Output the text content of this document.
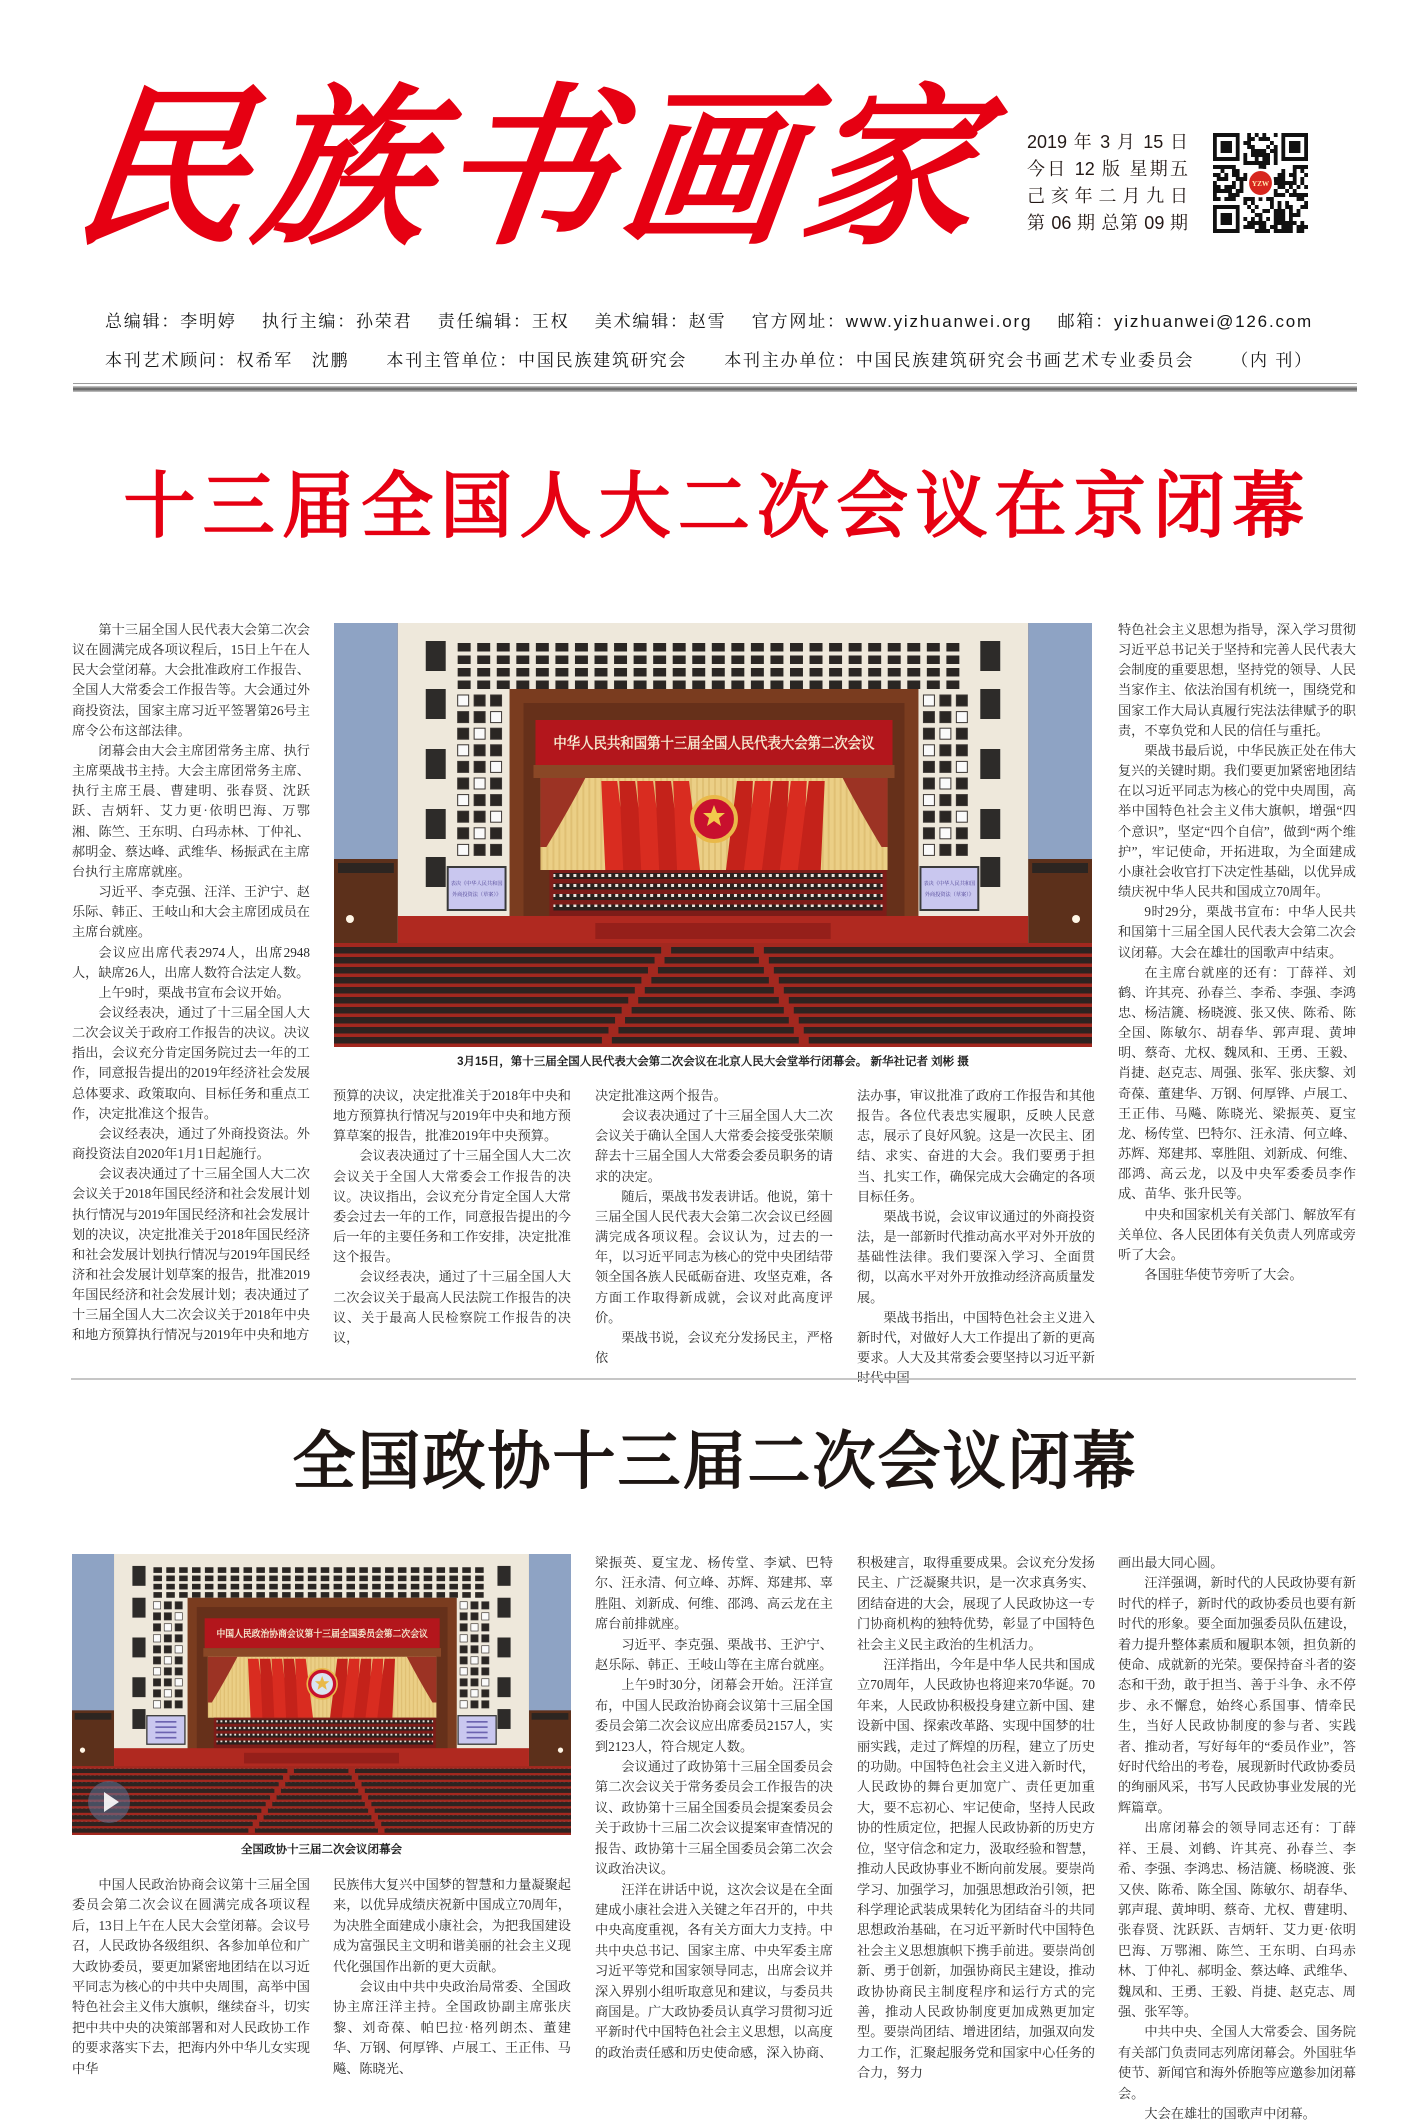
民族书画家 2019 年 3 月 15 日
今日 12 版 星期五
己亥年二月九日
第 06 期 总第 09 期
YZW
总编辑：李明婷 执行主编：孙荣君 责任编辑：王权 美术编辑：赵雪 官方网址：www.yizhuanwei.org 邮箱：yizhuanwei@126.com
本刊艺术顾问：权希军　沈鹏 本刊主管单位：中国民族建筑研究会 本刊主办单位：中国民族建筑研究会书画艺术专业委员会 （内 刊）
十三届全国人大二次会议在京闭幕

第十三届全国人民代表大会第二次会议在圆满完成各项议程后，15日上午在人民大会堂闭幕。大会批准政府工作报告、全国人大常委会工作报告等。大会通过外商投资法，国家主席习近平签署第26号主席令公布这部法律。

闭幕会由大会主席团常务主席、执行主席栗战书主持。大会主席团常务主席、执行主席王晨、曹建明、张春贤、沈跃跃、吉炳轩、艾力更·依明巴海、万鄂湘、陈竺、王东明、白玛赤林、丁仲礼、郝明金、蔡达峰、武维华、杨振武在主席台执行主席席就座。

习近平、李克强、汪洋、王沪宁、赵乐际、韩正、王岐山和大会主席团成员在主席台就座。

会议应出席代表2974人，出席2948人，缺席26人，出席人数符合法定人数。

上午9时，栗战书宣布会议开始。

会议经表决，通过了十三届全国人大二次会议关于政府工作报告的决议。决议指出，会议充分肯定国务院过去一年的工作，同意报告提出的2019年经济社会发展总体要求、政策取向、目标任务和重点工作，决定批准这个报告。

会议经表决，通过了外商投资法。外商投资法自2020年1月1日起施行。

会议表决通过了十三届全国人大二次会议关于2018年国民经济和社会发展计划执行情况与2019年国民经济和社会发展计划的决议，决定批准关于2018年国民经济和社会发展计划执行情况与2019年国民经济和社会发展计划草案的报告，批准2019年国民经济和社会发展计划；表决通过了十三届全国人大二次会议关于2018年中央和地方预算执行情况与2019年中央和地方

中华人民共和国第十三届全国人民代表大会第二次会议
表决《中华人民共和国
外商投资法（草案）》
表决《中华人民共和国
外商投资法（草案）》
3月15日，第十三届全国人民代表大会第二次会议在北京人民大会堂举行闭幕会。 新华社记者 刘彬 摄

预算的决议，决定批准关于2018年中央和地方预算执行情况与2019年中央和地方预算草案的报告，批准2019年中央预算。

会议表决通过了十三届全国人大二次会议关于全国人大常委会工作报告的决议。决议指出，会议充分肯定全国人大常委会过去一年的工作，同意报告提出的今后一年的主要任务和工作安排，决定批准这个报告。

会议经表决，通过了十三届全国人大二次会议关于最高人民法院工作报告的决议、关于最高人民检察院工作报告的决议，

决定批准这两个报告。

会议表决通过了十三届全国人大二次会议关于确认全国人大常委会接受张荣顺辞去十三届全国人大常委会委员职务的请求的决定。

随后，栗战书发表讲话。他说，第十三届全国人民代表大会第二次会议已经圆满完成各项议程。会议认为，过去的一年，以习近平同志为核心的党中央团结带领全国各族人民砥砺奋进、攻坚克难，各方面工作取得新成就，会议对此高度评价。

栗战书说，会议充分发扬民主，严格依

法办事，审议批准了政府工作报告和其他报告。各位代表忠实履职，反映人民意志，展示了良好风貌。这是一次民主、团结、求实、奋进的大会。我们要勇于担当、扎实工作，确保完成大会确定的各项目标任务。

栗战书说，会议审议通过的外商投资法，是一部新时代推动高水平对外开放的基础性法律。我们要深入学习、全面贯彻，以高水平对外开放推动经济高质量发展。

栗战书指出，中国特色社会主义进入新时代，对做好人大工作提出了新的更高要求。人大及其常委会要坚持以习近平新时代中国

特色社会主义思想为指导，深入学习贯彻习近平总书记关于坚持和完善人民代表大会制度的重要思想，坚持党的领导、人民当家作主、依法治国有机统一，围绕党和国家工作大局认真履行宪法法律赋予的职责，不辜负党和人民的信任与重托。

栗战书最后说，中华民族正处在伟大复兴的关键时期。我们要更加紧密地团结在以习近平同志为核心的党中央周围，高举中国特色社会主义伟大旗帜，增强“四个意识”，坚定“四个自信”，做到“两个维护”，牢记使命，开拓进取，为全面建成小康社会收官打下决定性基础，以优异成绩庆祝中华人民共和国成立70周年。

9时29分，栗战书宣布：中华人民共和国第十三届全国人民代表大会第二次会议闭幕。大会在雄壮的国歌声中结束。

在主席台就座的还有：丁薛祥、刘鹤、许其亮、孙春兰、李希、李强、李鸿忠、杨洁篪、杨晓渡、张又侠、陈希、陈全国、陈敏尔、胡春华、郭声琨、黄坤明、蔡奇、尤权、魏凤和、王勇、王毅、肖捷、赵克志、周强、张军、张庆黎、刘奇葆、董建华、万钢、何厚铧、卢展工、王正伟、马飚、陈晓光、梁振英、夏宝龙、杨传堂、巴特尔、汪永清、何立峰、苏辉、郑建邦、辜胜阻、刘新成、何维、邵鸿、高云龙，以及中央军委委员李作成、苗华、张升民等。

中央和国家机关有关部门、解放军有关单位、各人民团体有关负责人列席或旁听了大会。

各国驻华使节旁听了大会。

全国政协十三届二次会议闭幕
中国人民政治协商会议第十三届全国委员会第二次会议
全国政协十三届二次会议闭幕会

中国人民政治协商会议第十三届全国委员会第二次会议在圆满完成各项议程后，13日上午在人民大会堂闭幕。会议号召，人民政协各级组织、各参加单位和广大政协委员，要更加紧密地团结在以习近平同志为核心的中共中央周围，高举中国特色社会主义伟大旗帜，继续奋斗，切实把中共中央的决策部署和对人民政协工作的要求落实下去，把海内外中华儿女实现中华

民族伟大复兴中国梦的智慧和力量凝聚起来，以优异成绩庆祝新中国成立70周年，为决胜全面建成小康社会，为把我国建设成为富强民主文明和谐美丽的社会主义现代化强国作出新的更大贡献。

会议由中共中央政治局常委、全国政协主席汪洋主持。全国政协副主席张庆黎、刘奇葆、帕巴拉·格列朗杰、董建华、万钢、何厚铧、卢展工、王正伟、马飚、陈晓光、

梁振英、夏宝龙、杨传堂、李斌、巴特尔、汪永清、何立峰、苏辉、郑建邦、辜胜阻、刘新成、何维、邵鸿、高云龙在主席台前排就座。

习近平、李克强、栗战书、王沪宁、赵乐际、韩正、王岐山等在主席台就座。

上午9时30分，闭幕会开始。汪洋宣布，中国人民政治协商会议第十三届全国委员会第二次会议应出席委员2157人，实到2123人，符合规定人数。

会议通过了政协第十三届全国委员会第二次会议关于常务委员会工作报告的决议、政协第十三届全国委员会提案委员会关于政协十三届二次会议提案审查情况的报告、政协第十三届全国委员会第二次会议政治决议。

汪洋在讲话中说，这次会议是在全面建成小康社会进入关键之年召开的，中共中央高度重视，各有关方面大力支持。中共中央总书记、国家主席、中央军委主席习近平等党和国家领导同志，出席会议并深入界别小组听取意见和建议，与委员共商国是。广大政协委员认真学习贯彻习近平新时代中国特色社会主义思想，以高度的政治责任感和历史使命感，深入协商、

积极建言，取得重要成果。会议充分发扬民主、广泛凝聚共识，是一次求真务实、团结奋进的大会，展现了人民政协这一专门协商机构的独特优势，彰显了中国特色社会主义民主政治的生机活力。

汪洋指出，今年是中华人民共和国成立70周年，人民政协也将迎来70华诞。70年来，人民政协积极投身建立新中国、建设新中国、探索改革路、实现中国梦的壮丽实践，走过了辉煌的历程，建立了历史的功勋。中国特色社会主义进入新时代，人民政协的舞台更加宽广、责任更加重大，要不忘初心、牢记使命，坚持人民政协的性质定位，把握人民政协新的历史方位，坚守信念和定力，汲取经验和智慧，推动人民政协事业不断向前发展。要崇尚学习、加强学习，加强思想政治引领，把科学理论武装成果转化为团结奋斗的共同思想政治基础，在习近平新时代中国特色社会主义思想旗帜下携手前进。要崇尚创新、勇于创新，加强协商民主建设，推动政协协商民主制度程序和运行方式的完善，推动人民政协制度更加成熟更加定型。要崇尚团结、增进团结，加强双向发力工作，汇聚起服务党和国家中心任务的合力，努力

画出最大同心圆。

汪洋强调，新时代的人民政协要有新时代的样子，新时代的政协委员也要有新时代的形象。要全面加强委员队伍建设，着力提升整体素质和履职本领，担负新的使命、成就新的光荣。要保持奋斗者的姿态和干劲，敢于担当、善于斗争、永不停步、永不懈怠，始终心系国事、情牵民生，当好人民政协制度的参与者、实践者、推动者，写好每年的“委员作业”，答好时代给出的考卷，展现新时代政协委员的绚丽风采，书写人民政协事业发展的光辉篇章。

出席闭幕会的领导同志还有：丁薛祥、王晨、刘鹤、许其亮、孙春兰、李希、李强、李鸿忠、杨洁篪、杨晓渡、张又侠、陈希、陈全国、陈敏尔、胡春华、郭声琨、黄坤明、蔡奇、尤权、曹建明、张春贤、沈跃跃、吉炳轩、艾力更·依明巴海、万鄂湘、陈竺、王东明、白玛赤林、丁仲礼、郝明金、蔡达峰、武维华、魏凤和、王勇、王毅、肖捷、赵克志、周强、张军等。

中共中央、全国人大常委会、国务院有关部门负责同志列席闭幕会。外国驻华使节、新闻官和海外侨胞等应邀参加闭幕会。

大会在雄壮的国歌声中闭幕。
